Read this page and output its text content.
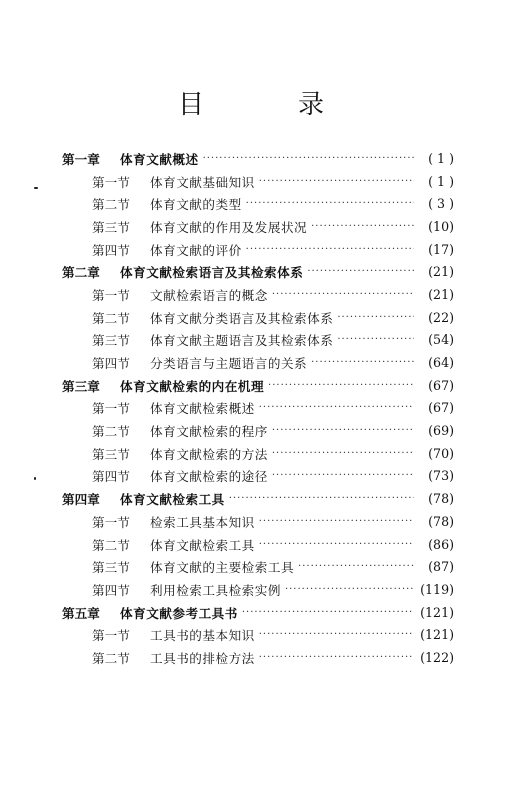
目　录
第一章	体育文献概述 ·····	( 1 )
第一节	体育文献基础知识 ·····	( 1 )
第二节	体育文献的类型 ·····	( 3 )
第三节	体育文献的作用及发展状况 ·····	(10)
第四节	体育文献的评价 ·····	(17)
第二章	体育文献检索语言及其检索体系 ·····	(21)
第一节	文献检索语言的概念 ·····	(21)
第二节	体育文献分类语言及其检索体系 ·····	(22)
第三节	体育文献主题语言及其检索体系 ·····	(54)
第四节	分类语言与主题语言的关系 ·····	(64)
第三章	体育文献检索的内在机理 ·····	(67)
第一节	体育文献检索概述 ·····	(67)
第二节	体育文献检索的程序 ·····	(69)
第三节	体育文献检索的方法 ·····	(70)
第四节	体育文献检索的途径 ·····	(73)
第四章	体育文献检索工具 ·····	(78)
第一节	检索工具基本知识 ·····	(78)
第二节	体育文献检索工具 ·····	(86)
第三节	体育文献的主要检索工具 ·····	(87)
第四节	利用检索工具检索实例 ·····	(119)
第五章	体育文献参考工具书 ·····	(121)
第一节	工具书的基本知识 ·····	(121)
第二节	工具书的排检方法 ·····	(122)
